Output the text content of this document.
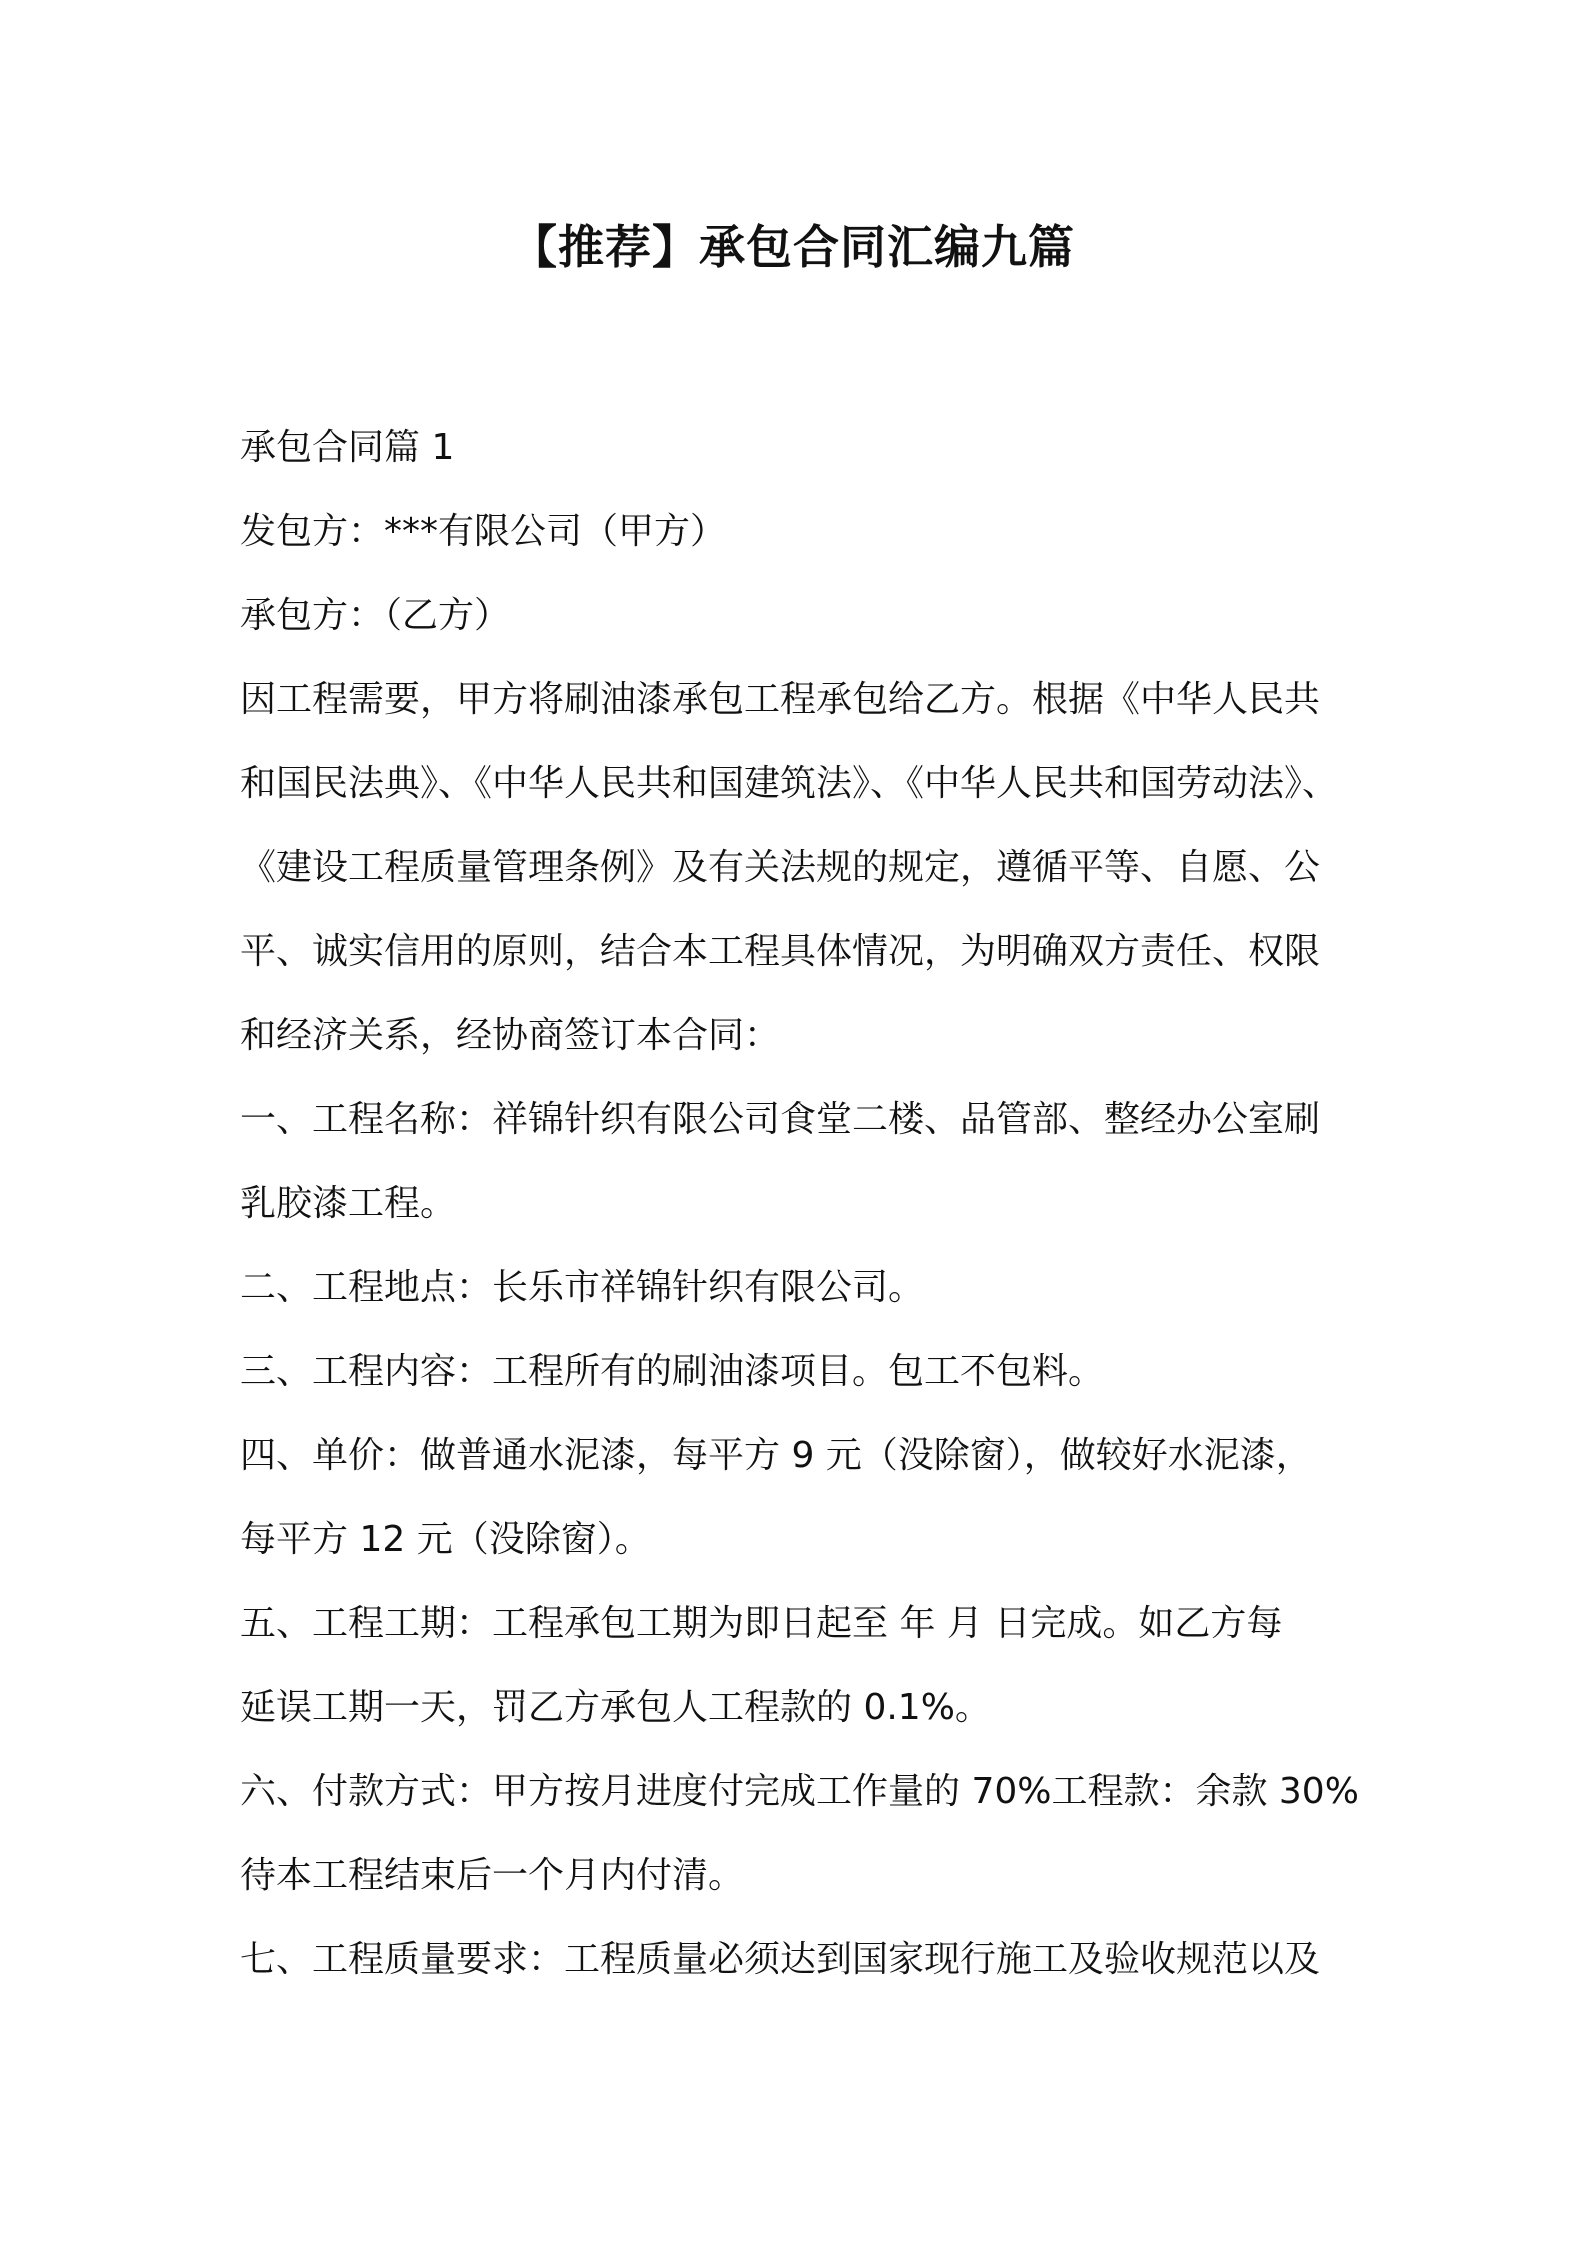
【推荐】承包合同汇编九篇
承包合同篇 1
发包方：***有限公司（甲方）
承包方：（乙方）
因工程需要，甲方将刷油漆承包工程承包给乙方。根据《中华人民共
和国民法典》、《中华人民共和国建筑法》、《中华人民共和国劳动法》、
《建设工程质量管理条例》及有关法规的规定，遵循平等、自愿、公
平、诚实信用的原则，结合本工程具体情况，为明确双方责任、权限
和经济关系，经协商签订本合同：
一、工程名称：祥锦针织有限公司食堂二楼、品管部、整经办公室刷
乳胶漆工程。
二、工程地点：长乐市祥锦针织有限公司。
三、工程内容：工程所有的刷油漆项目。包工不包料。
四、单价：做普通水泥漆，每平方 9 元（没除窗），做较好水泥漆，
每平方 12 元（没除窗）。
五、工程工期：工程承包工期为即日起至 年 月 日完成。如乙方每
延误工期一天，罚乙方承包人工程款的 0.1%。
六、付款方式：甲方按月进度付完成工作量的 70%工程款：余款 30%
待本工程结束后一个月内付清。
七、工程质量要求：工程质量必须达到国家现行施工及验收规范以及
